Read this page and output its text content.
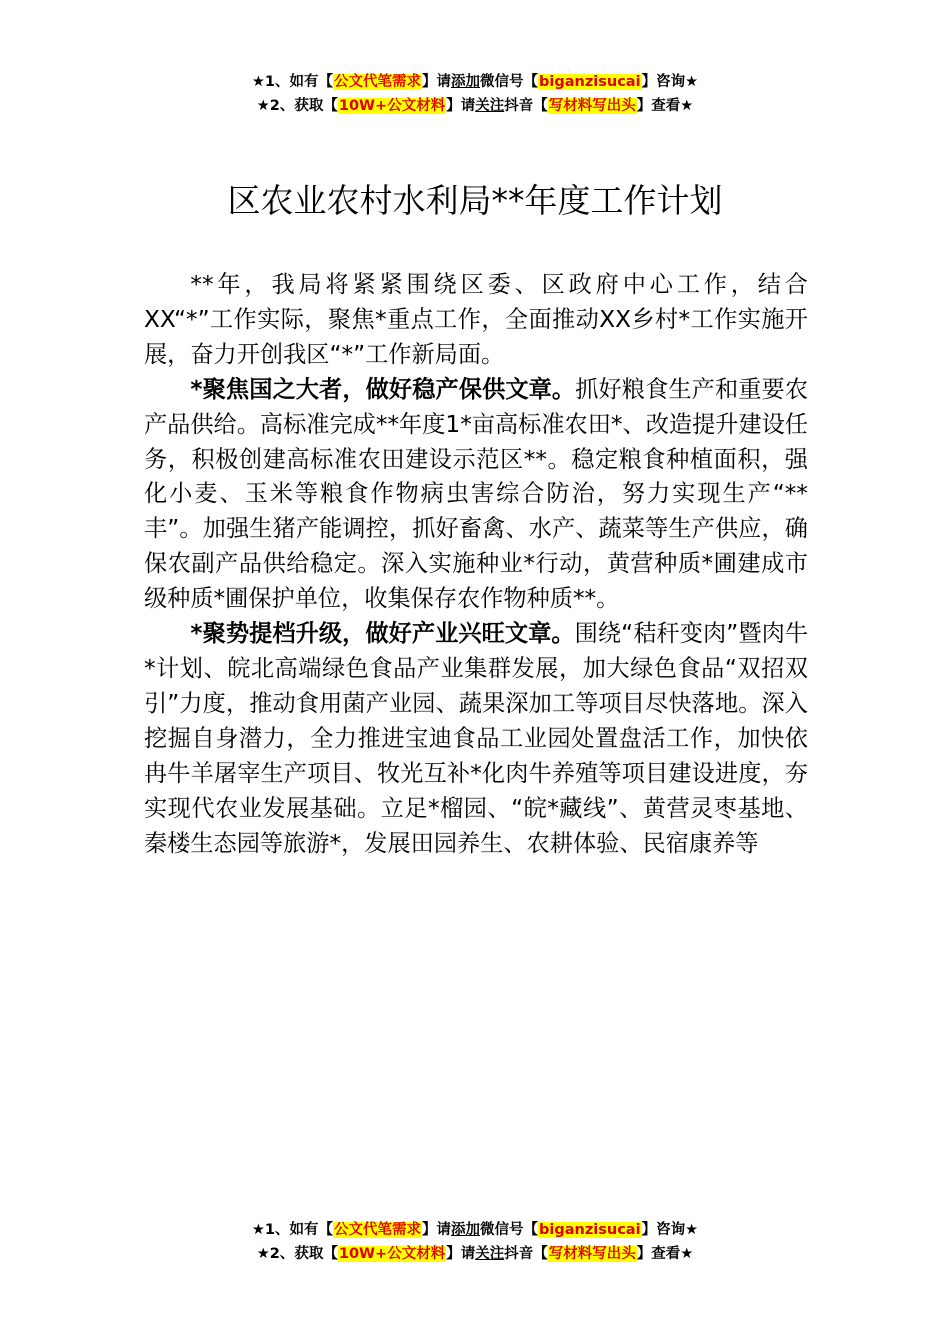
★1、如有【公文代笔需求】请添加微信号【biganzisucai】咨询★
★2、获取【10W+公文材料】请关注抖音【写材料写出头】查看★
区农业农村水利局**年度工作计划

**年，我局将紧紧围绕区委、区政府中心工作，结合XX“*”工作实际，聚焦*重点工作，全面推动XX乡村*工作实施开展，奋力开创我区“*”工作新局面。

*聚焦国之大者，做好稳产保供文章。抓好粮食生产和重要农产品供给。高标准完成**年度1*亩高标准农田*、改造提升建设任务，积极创建高标准农田建设示范区**。稳定粮食种植面积，强化小麦、玉米等粮食作物病虫害综合防治，努力实现生产“**丰”。加强生猪产能调控，抓好畜禽、水产、蔬菜等生产供应，确保农副产品供给稳定。深入实施种业*行动，黄营种质*圃建成市级种质*圃保护单位，收集保存农作物种质**。

*聚势提档升级，做好产业兴旺文章。围绕“秸秆变肉”暨肉牛*计划、皖北高端绿色食品产业集群发展，加大绿色食品“双招双引”力度，推动食用菌产业园、蔬果深加工等项目尽快落地。深入挖掘自身潜力，全力推进宝迪食品工业园处置盘活工作，加快依冉牛羊屠宰生产项目、牧光互补*化肉牛养殖等项目建设进度，夯实现代农业发展基础。立足*榴园、“皖*藏线”、黄营灵枣基地、秦楼生态园等旅游*，发展田园养生、农耕体验、民宿康养等

★1、如有【公文代笔需求】请添加微信号【biganzisucai】咨询★
★2、获取【10W+公文材料】请关注抖音【写材料写出头】查看★
